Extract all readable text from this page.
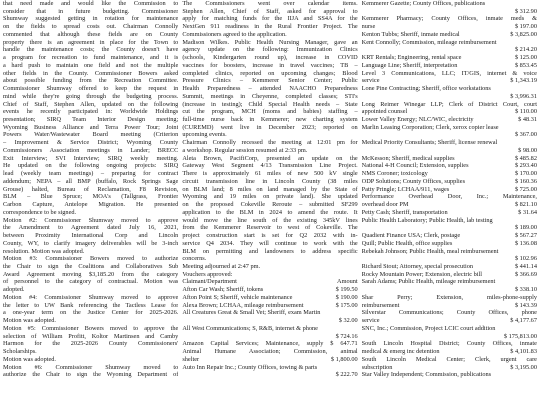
that need made and would like the Commission to
consider that in future budgeting. Commissioner
Shumway suggested getting in rotation for maintenance
on the fields to spread costs out. Chairman Connolly
commented that although these fields are on County
property there is an agreement in place for the Town to
handle the maintenance costs; the County doesn't have
a program for recreation to fund maintenance, and it is
a hard push to maintain one field and not the multiple
other fields in the County. Commissioner Bowers asked
about possible funding from the Recreation Committee.
Commissioner Shumway offered to keep the request in
mind while they're going through the budgeting process.
Chief of Staff, Stephen Allen, updated on the following
events he recently participated in: Worldwide Holdings
presentation; SIRQ Team Interior Design meeting;
Wyoming Business Alliance and Terra Power Tour; Joint
Powers Water/Wastewater Board meeting (Criterion
– Improvement & Service District; Wyoming County
Commissioners Association meetings in Lander; BRECC
Exit Interview; SVI Interview; SIRQ weekly meeting.
He updated on the following ongoing projects: SIRQ
lead (weekly team meetings) – preparing for contract
addendum; NEPA – all BMP (buffalo, Rock Springs Sage
Grouse) halted, Bureau of Reclamation, F8 Revision,
BLM – Blue Spruce; MOA's (Tallgrass, Frontier
Carbon Capture, Antelope Migration. He presented
correspondence to be signed.
Motion #2: Commissioner Shumway moved to approve
the Amendment to Agreement dated July 16, 2021,
between Proximity International Corp and Lincoln
County, WY, to clarify imagery deliverables will be 3-inch
resolution. Motion was adopted.
Motion #3: Commissioner Bowers moved to authorize
the Chair to sign the Coalitions and Collaboratives Sub
Award Agreement moving $3,185.20 from the category
of personnel to the category of contractual. Motion was
adopted.
Motion #4: Commissioner Shumway moved to approve
the letter to UW Bank referencing the Tactless Lease for
a one-year term on the Justice Center for 2025-2026.
Motion was adopted.
Motion #5: Commissioner Bowers moved to approve the
selection of William Profitt, Koltor Martinsen and Camby
Harmon for the 2025-2026 County Commissioners'
Scholarships.
Motion was adopted.
Motion #6: Commissioner Shumway moved to
authorize the Chair to sign the Wyoming Department of
The Commissioners went over calendar items.
Stephen Allen, Chief of Staff, asked for approval to
apply for matching funds for the IIJA and SS4A for the
NextGen 911 readiness in the Rural Frontier Project. The
Commissioners agreed to the application.
Madison Wilkes. Public Health Nursing Manager, gave an
agency update on the following: Immunization Clinics
(schools, Kindergarten round up), increase in COVID
vaccines for boosters, increase in travel vaccines; TB –
completed clinics, reported on upcoming changes; Blood
Pressure Clinics – Kemmerer Senior Center; Public
Health Preparedness – attended NAACHO Preparedness
Summit, meetings in Cheyenne, completed classes; STI's
(increase in testing); Child Special Health needs – State
cut the program, MCH (moms and babies) staffing –
full-time nurse back in Kemmerer; new charting system
(CUREMD) went live in December 2023; reported on
upcoming events.
Chairman Connolly recessed the meeting at 12:01 pm for
a workshop. Regular session resumed at 2:33 pm.
Aleta Brown, PacifiCorp, presented an update on the
Gateway West Segment 4/13 Transmission Line Project.
There is approximately 61 miles of new 500 kV single
circuit transmission line in Lincoln County (38 miles
on BLM land; 8 miles on land managed by the State of
Wyoming and 19 miles on private land). She updated
on the proposed Cokeville Reroute – submitted SF299
application to the BLM in 2024 to amend the route. It
would move the line south of the existing 345kV lines
from the Kemmerer Reservoir to west of Cokeville. The
project construction start is set for Q2 2032 with in-
service Q4 2034. They will continue to work with the
BLM on permitting and landowners to address specific
concerns.
Meeting adjourned at 2:47 pm.
Vouchers approved:
Claimant/Department	Amount
Afton Car Wash; Sheriff, tokens	$ 199.50
Afton Point S; Sheriff, vehicle maintenance	$ 190.00
Alexa Brown; LCHAA, mileage reimbursement	$ 175.00
All Creatures Great & Small Vet; Sheriff, exam Martin
$ 32.00
All West Communications; S, R&B, internet & phone
$ 724.16
Amazon Capital Services; Maintenance, supply $ 647.71
Animal Humane Association; Commission, animal
shelter	$ 1,800.00
Auto Inn Repair Inc.; County Offices, towing & parts
$ 222.70
Kemmerer Gazette; County Offices, publications
$ 312.90
Kemmerer Pharmacy; County Offices, inmate meds &
nurse	$ 197.00
Kenton Tubbs; Sheriff, inmate medical	$ 3,825.00
Kent Connolly; Commission, mileage reimbursement
$ 214.20
KRT Rentals; Engineering, rental space	$ 125.00
Language Line; Sheriff, interpretation	$ 853.45
Level 3 Communications, LLC; IT/GIS, internet & voice
service	$ 1,343.19
Lone Pine Contracting; Sheriff, office workstations
$ 3,996.31
Long Reimer Winegar LLP; Clerk of District Court, court
appointed counsel	$ 110.00
Lower Valley Energy; NLC/WIC, electricity	$ 48.31
Marlin Leasing Corporation; Clerk, xerox copier lease
$ 367.00
Medical Priority Consultants; Sheriff, license renewal
$ 98.00
McKesson; Sheriff, medical supplies	$ 485.82
National 4-H Council; Extension, supplies	$ 293.40
NMS Coroner; toxicology	$ 170.00
ODP Solutions; County Offices, supplies	$ 160.36
Patty Pringle; LCHAA/911, wages	$ 725.00
Performance Overhead Door, Inc.; Maintenance,
overhead door PM	$ 821.10
Petty Cash; Sheriff, transportation	$ 31.64
Public Health Laboratory; Public Health, lab testing
$ 189.00
Quadient Finance USA; Clerk, postage	$ 567.27
Quill; Public Health, office supplies	$ 136.08
Rebekah Johnson; Public Health, meal reimbursement
$ 102.96
Richard Stout; Attorney, special prosecution	$ 441.14
Rocky Mountain Power; Extension, electric bill	$ 366.69
Sarah Adams; Public Health, mileage reimbursement
$ 338.10
Shar Perry; Extension, miles-phone-supply
reimbursement	$ 143.39
Silverstar Communications; County Offices, phone
service	$ 4,177.67
SNC, Inc.; Commission, Project LCIC court addition
$ 175,813.00
South Lincoln Hospital District; County Offices, inmate
medical & emerg inc detention	$ 4,101.83
South Lincoln Medical Center; Clerk, urgent care
subscription	$ 3,195.00
Star Valley Independent; Commission, publications
